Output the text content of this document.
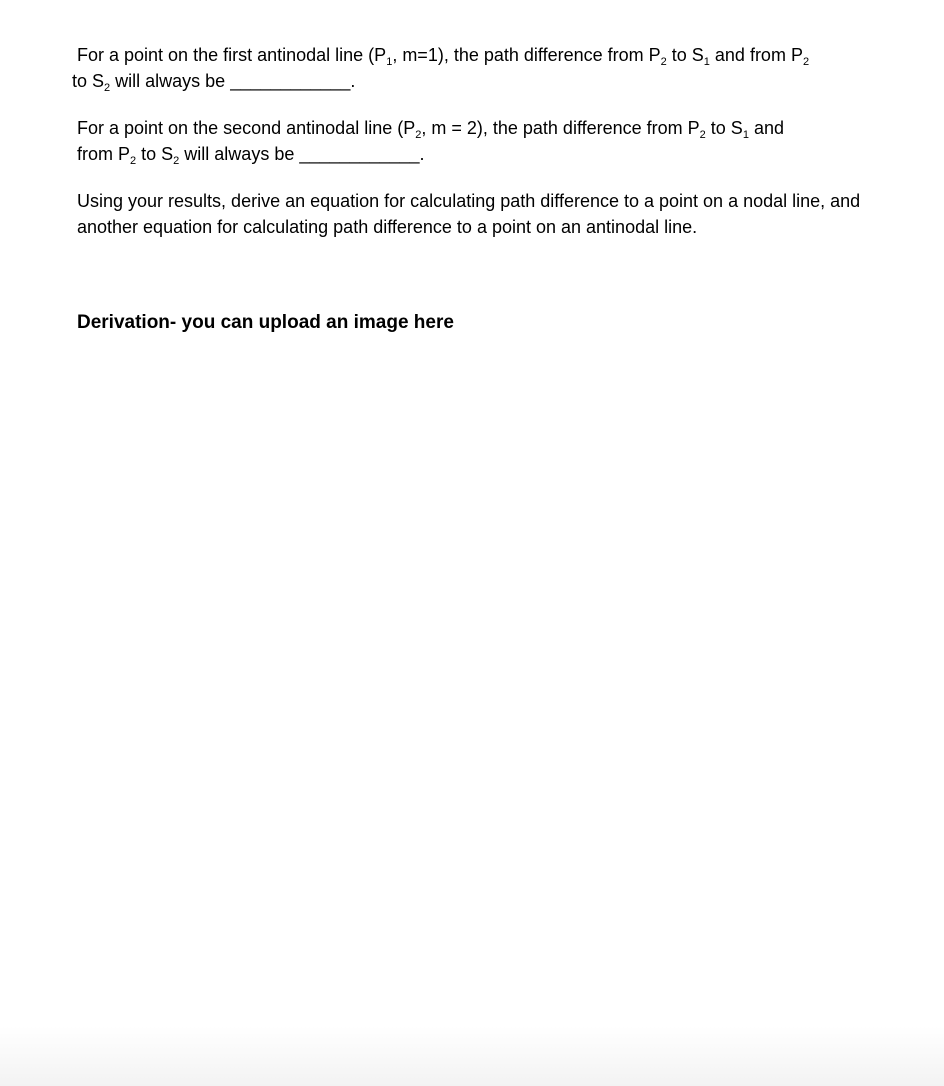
For a point on the first antinodal line ($P_1$, m=1), the path difference from $P_2$ to $S_1$ and from $P_2$
to $S_2$ will always be ____________.

For a point on the second antinodal line ($P_2$, m = 2), the path difference from $P_2$ to $S_1$ and
from $P_2$ to $S_2$ will always be ____________.

Using your results, derive an equation for calculating path difference to a point on a nodal line, and another equation for calculating path difference to a point on an antinodal line.

Derivation- you can upload an image here
